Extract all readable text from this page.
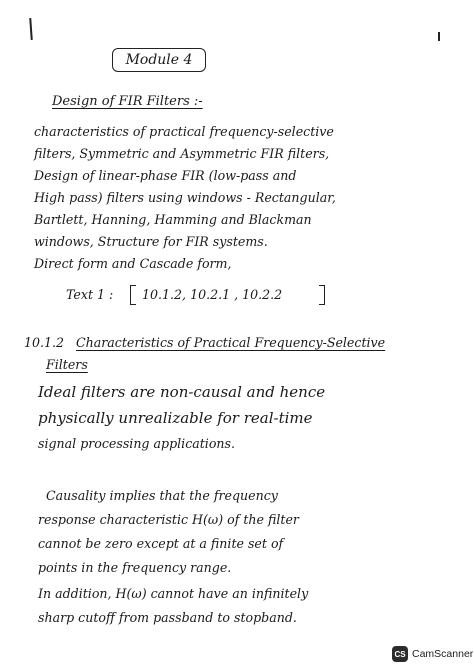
Module 4
Design of FIR Filters :-
characteristics of practical frequency-selective
filters, Symmetric and Asymmetric FIR filters,
Design of linear-phase FIR (low-pass and
High pass) filters using windows - Rectangular,
Bartlett, Hanning, Hamming and Blackman
windows, Structure for FIR systems.
Direct form and Cascade form,
Text 1 : 10.1.2, 10.2.1 , 10.2.2
10.1.2 Characteristics of Practical Frequency-Selective
Filters
Ideal filters are non-causal and hence
physically unrealizable for real-time
signal processing applications.
Causality implies that the frequency
response characteristic H(ω) of the filter
cannot be zero except at a finite set of
points in the frequency range.
In addition, H(ω) cannot have an infinitely
sharp cutoff from passband to stopband.
CS CamScanner
